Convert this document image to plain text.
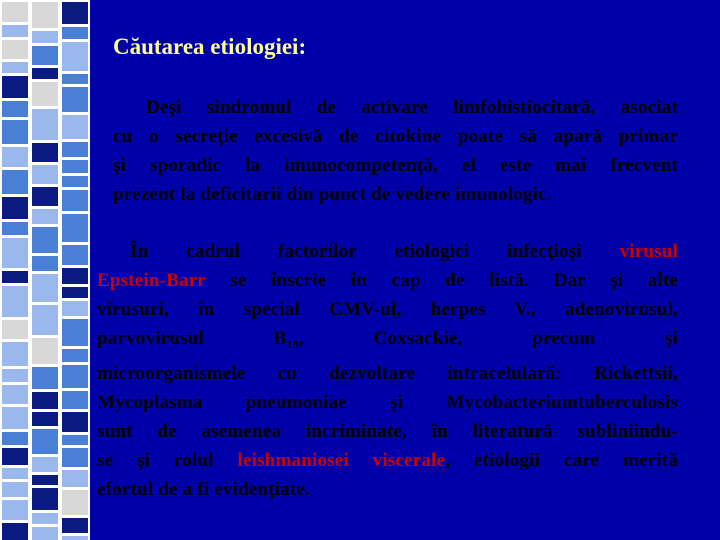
Căutarea etiologiei:

Deşi sindromul de activare limfohistiocitară, asociat
cu o secreţie excesivă de citokine poate să apară primar
şi sporadic la imunocompetenţă, el este mai frecvent
prezent la deficitarii din punct de vedere imunologic.

În cadrul factorilor etiologici infecţioşi virusul
Epstein-Barr se înscrie în cap de listă. Dar şi alte
virusuri, în special CMV-ul, herpes V., adenovirusul,
parvovirusul $B_{19}$, Coxsackie, precum şi
microorganismele cu dezvoltare intracelulară: Rickettsii,
Mycoplasma pneumoniae şi Mycobacteriumtuberculosis
sunt de asemenea incriminate, în literatură subliniindu-
se şi rolul leishmaniosei viscerale, etiologii care merită
efortul de a fi evidenţiate.
